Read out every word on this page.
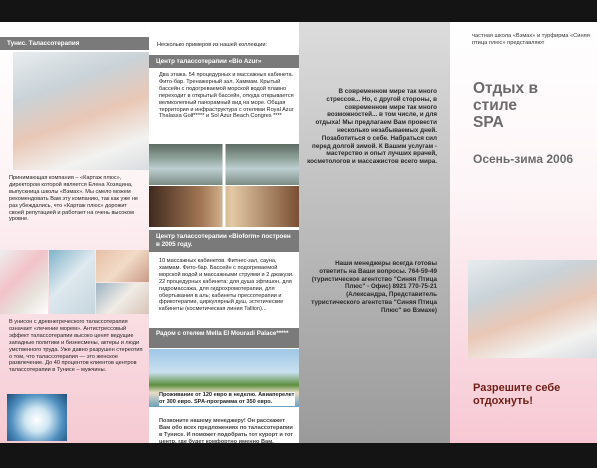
Тунис. Талассотерапия
Принимающая компания – «Картаж плюс», директором которой является Елена Хозяцина, выпускница школы «Взмах». Мы смело можем рекомендовать Вам эту компанию, так как уже не раз убеждались, что «Картаж плюс» дорожит своей репутацией и работает на очень высоком уровне.
В унисон с древнегреческого талассотерапия означает «лечение морем». Антистрессовый эффект талассотерапии высоко ценят ведущие западные политики и бизнесмены, актеры и люди умственного труда. Уже давно разрушен стереотип о том, что талассотерапия — это женское развлечение. До 40 процентов клиентов центров талассотерапии в Тунисе – мужчины.
Несколько примеров из нашей коллекции:
Центр талассотерапии «Bio Azur»
Два этажа. 54 процедурных и массажных кабинета. Фито-бар. Тренажерный зал. Хаммам. Крытый бассейн с подогреваемой морской водой плавно переходит в открытый бассейн, откуда открывается великолепный панорамный вид на море. Общая территория и инфраструктура с отелями Royal Azur Thalassa Golf***** и Sol Azur Beach Congres ****
Центр талассотерапии «Bioform» построен в 2005 году.
10 массажных кабинетов. Фитнес-зал, сауна, хаммам. Фито-бар. Бассейн с подогреваемой морской водой и массажными струями и 2 джакузи. 22 процедурных кабинета: для душа эфгишон, для гидромассажа, для гидрохромотерапии, для обертывания в аль; кабинеты прессотерапии и фрикотерапии, циркулярный душ, эстетические кабинеты (косметическая линия Tallion)...
Радом с отелем Mella El Mouradi Palace*****
Проживание от 120 евро в неделю. Авиаперелет от 300 евро. SPA-программа от 350 евро.
Позвоните нашему менеджеру! Он расскажет Вам обо всех предложениях по талассотерапии в Тунисе. И поможет подобрать тот курорт и тот центр, где будет комфортно именно Вам.
В современном мире так много стрессов... Но, с другой стороны, в современном мире так много возможностей... в том числе, и для отдыха! Мы предлагаем Вам провести несколько незабываемых дней. Позаботиться о себе. Набраться сил перед долгой зимой. К Вашим услугам - мастерство и опыт лучших врачей, косметологов и массажистов всего мира.
Наши менеджеры всегда готовы ответить на Ваши вопросы. 764-59-49 (туристическое агентство "Синяя Птица Плюс" - Офис) 8921 770-75-21 (Александра, Представитель туристического агентства "Синяя Птица Плюс" во Взмахе)
частная школа «Взмах» и турфирма «Синяя птица плюс» представляют
Отдых в стиле SPA
Осень-зима 2006
Разрешите себе отдохнуть!
